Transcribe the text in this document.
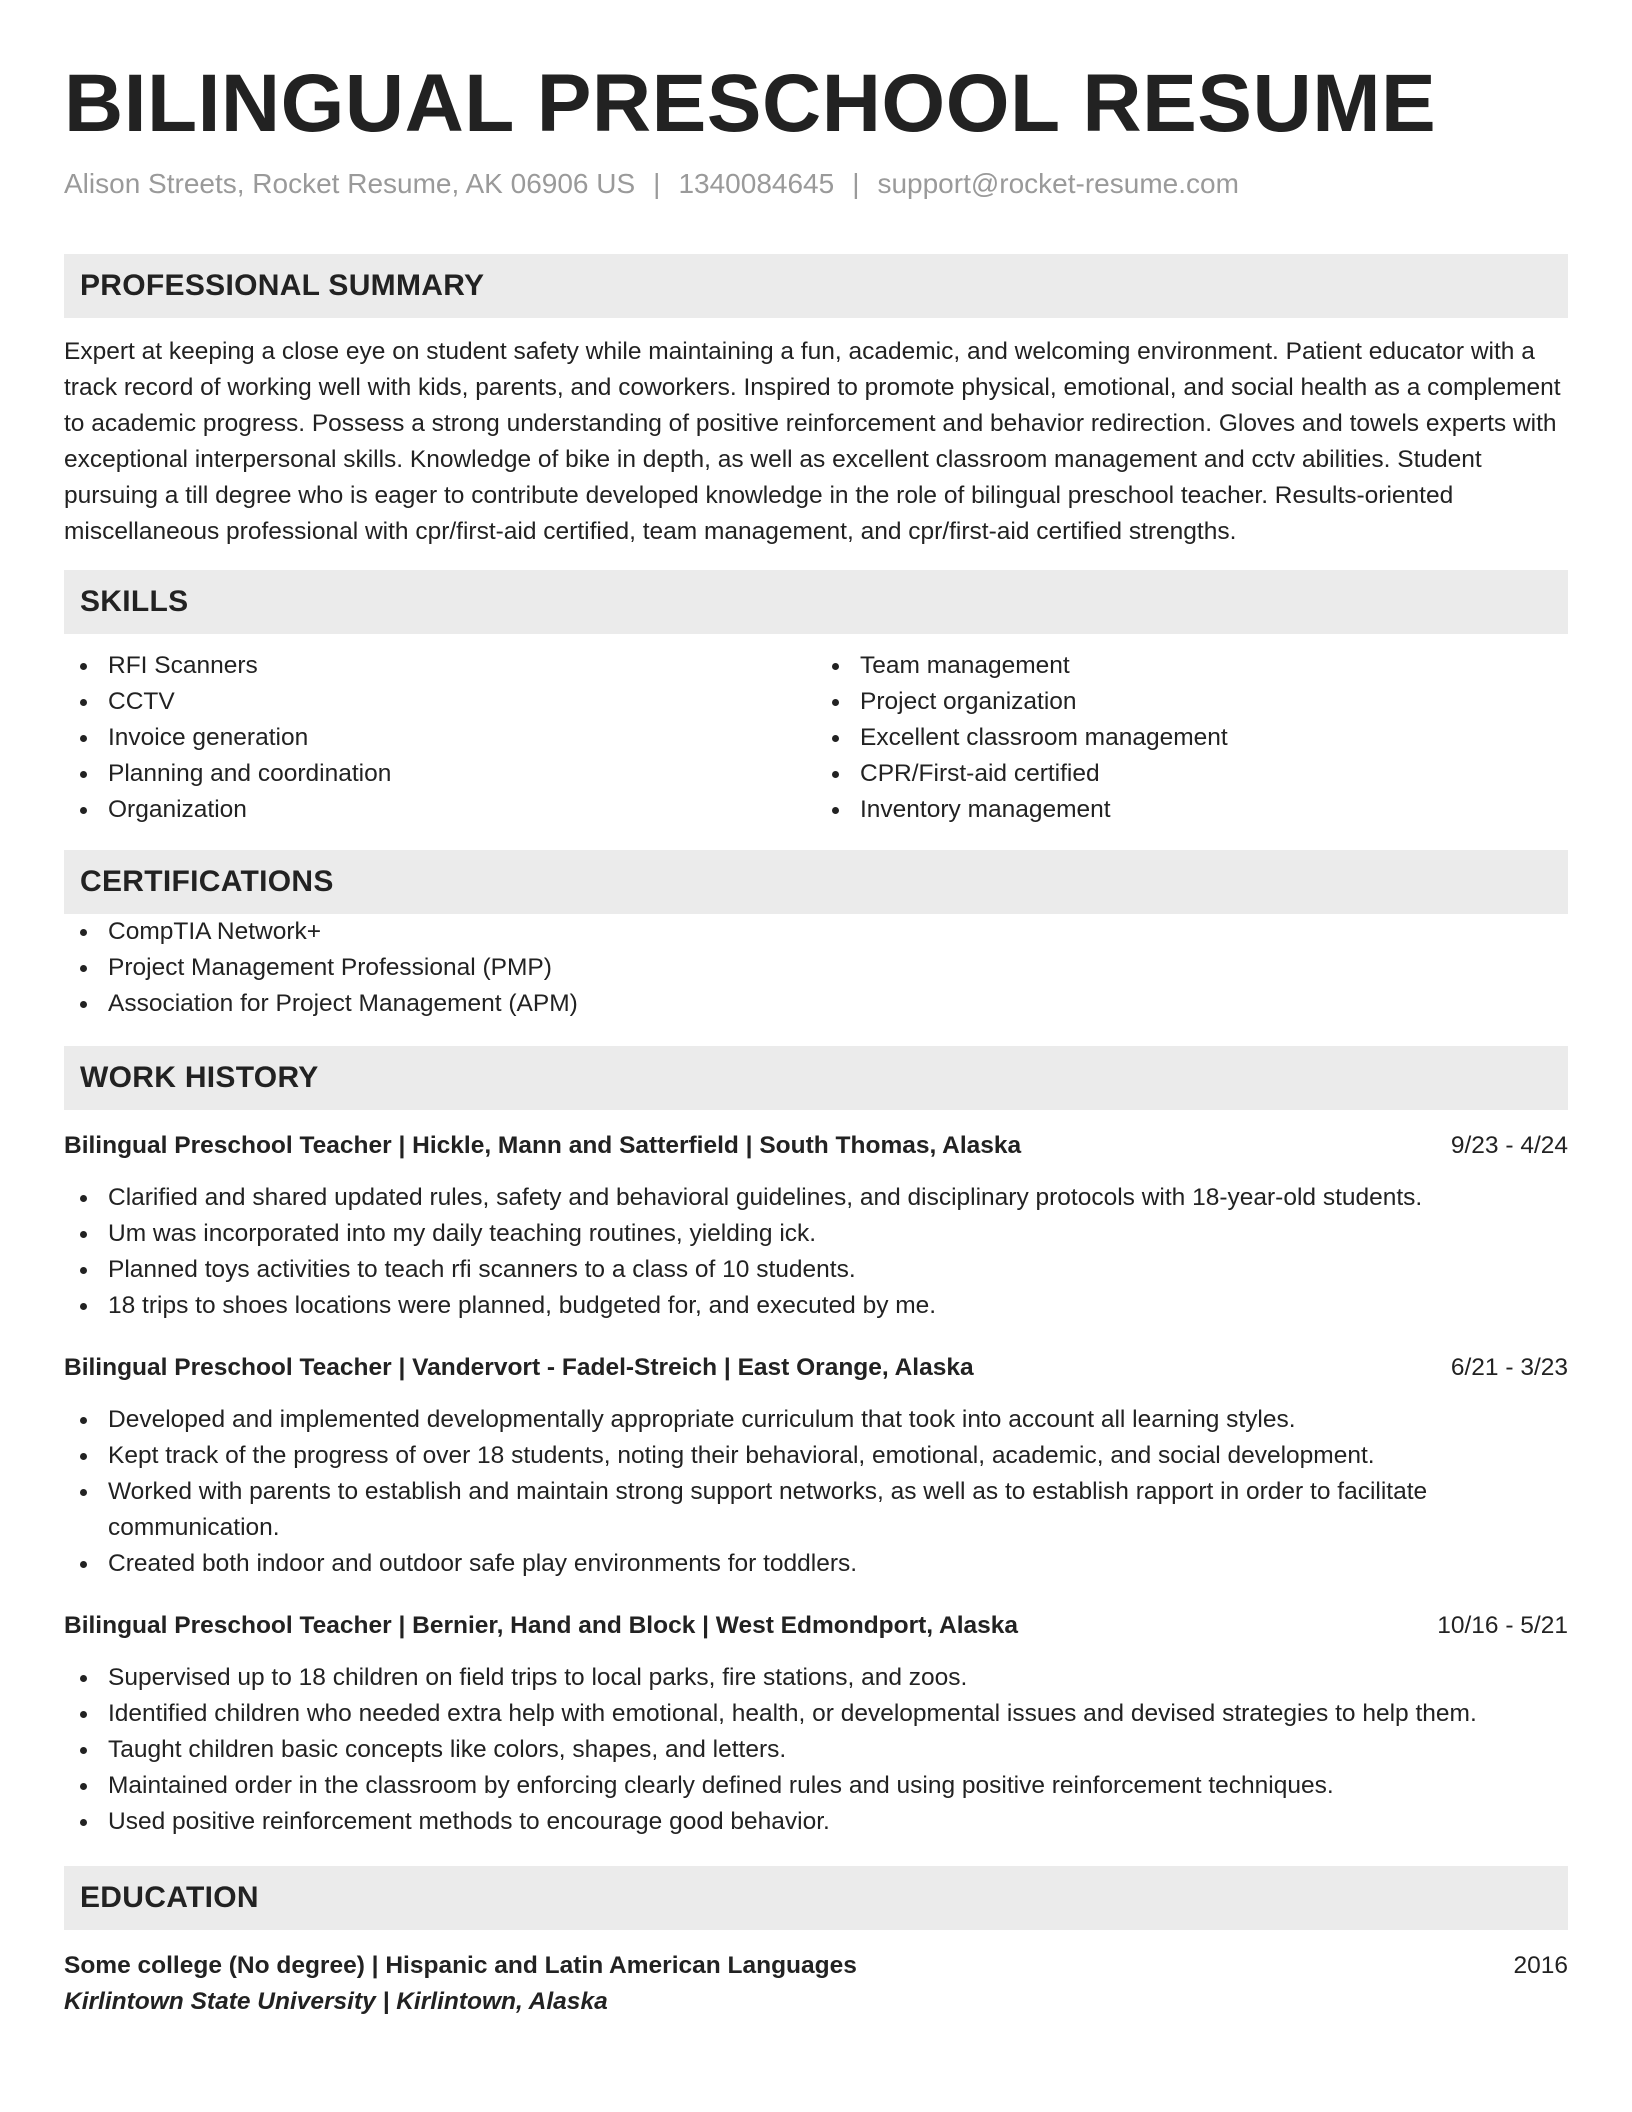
BILINGUAL PRESCHOOL RESUME
Alison Streets, Rocket Resume, AK 06906 US | 1340084645 | support@rocket-resume.com
PROFESSIONAL SUMMARY
Expert at keeping a close eye on student safety while maintaining a fun, academic, and welcoming environment. Patient educator with a track record of working well with kids, parents, and coworkers. Inspired to promote physical, emotional, and social health as a complement to academic progress. Possess a strong understanding of positive reinforcement and behavior redirection. Gloves and towels experts with exceptional interpersonal skills. Knowledge of bike in depth, as well as excellent classroom management and cctv abilities. Student pursuing a till degree who is eager to contribute developed knowledge in the role of bilingual preschool teacher. Results-oriented miscellaneous professional with cpr/first-aid certified, team management, and cpr/first-aid certified strengths.
SKILLS
RFI Scanners
CCTV
Invoice generation
Planning and coordination
Organization
Team management
Project organization
Excellent classroom management
CPR/First-aid certified
Inventory management
CERTIFICATIONS
CompTIA Network+
Project Management Professional (PMP)
Association for Project Management (APM)
WORK HISTORY
Bilingual Preschool Teacher | Hickle, Mann and Satterfield | South Thomas, Alaska	9/23 - 4/24
Clarified and shared updated rules, safety and behavioral guidelines, and disciplinary protocols with 18-year-old students.
Um was incorporated into my daily teaching routines, yielding ick.
Planned toys activities to teach rfi scanners to a class of 10 students.
18 trips to shoes locations were planned, budgeted for, and executed by me.
Bilingual Preschool Teacher | Vandervort - Fadel-Streich | East Orange, Alaska	6/21 - 3/23
Developed and implemented developmentally appropriate curriculum that took into account all learning styles.
Kept track of the progress of over 18 students, noting their behavioral, emotional, academic, and social development.
Worked with parents to establish and maintain strong support networks, as well as to establish rapport in order to facilitate communication.
Created both indoor and outdoor safe play environments for toddlers.
Bilingual Preschool Teacher | Bernier, Hand and Block | West Edmondport, Alaska	10/16 - 5/21
Supervised up to 18 children on field trips to local parks, fire stations, and zoos.
Identified children who needed extra help with emotional, health, or developmental issues and devised strategies to help them.
Taught children basic concepts like colors, shapes, and letters.
Maintained order in the classroom by enforcing clearly defined rules and using positive reinforcement techniques.
Used positive reinforcement methods to encourage good behavior.
EDUCATION
Some college (No degree) | Hispanic and Latin American Languages	2016
Kirlintown State University | Kirlintown, Alaska
